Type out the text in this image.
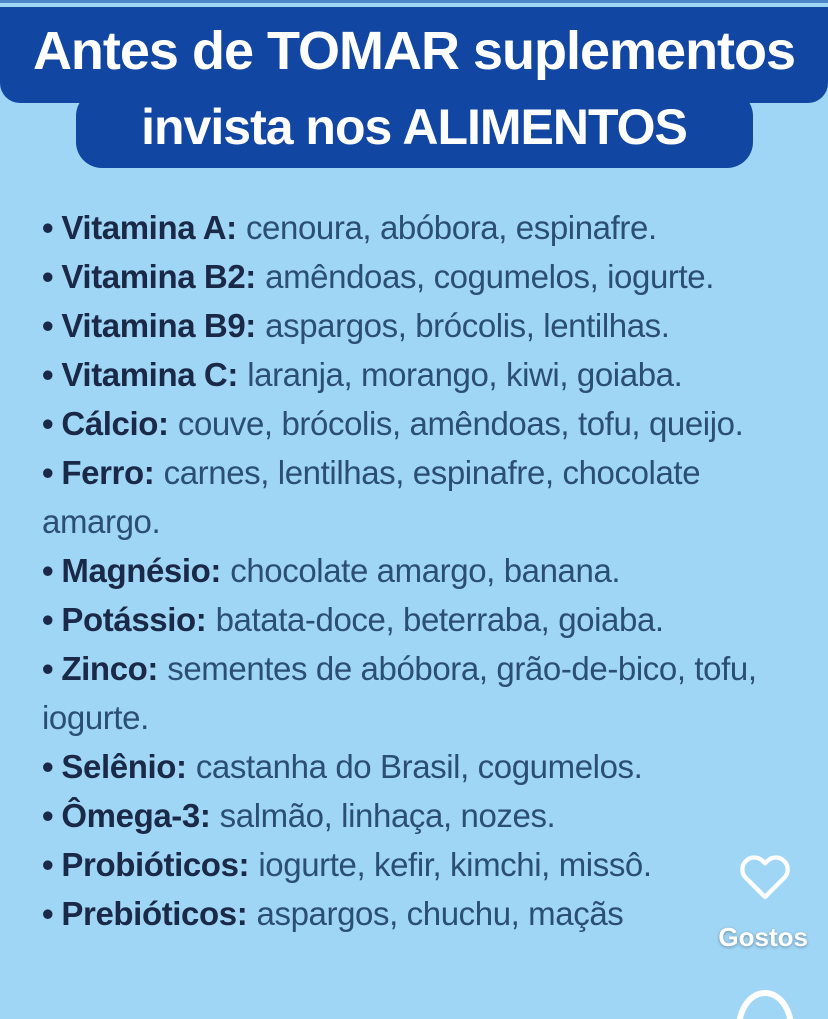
Antes de TOMAR suplementos
invista nos ALIMENTOS
• Vitamina A: cenoura, abóbora, espinafre.
• Vitamina B2: amêndoas, cogumelos, iogurte.
• Vitamina B9: aspargos, brócolis, lentilhas.
• Vitamina C: laranja, morango, kiwi, goiaba.
• Cálcio: couve, brócolis, amêndoas, tofu, queijo.
• Ferro: carnes, lentilhas, espinafre, chocolate amargo.
• Magnésio: chocolate amargo, banana.
• Potássio: batata-doce, beterraba, goiaba.
• Zinco: sementes de abóbora, grão-de-bico, tofu, iogurte.
• Selênio: castanha do Brasil, cogumelos.
• Ômega-3: salmão, linhaça, nozes.
• Probióticos: iogurte, kefir, kimchi, missô.
• Prebióticos: aspargos, chuchu, maçãs
Gostos
